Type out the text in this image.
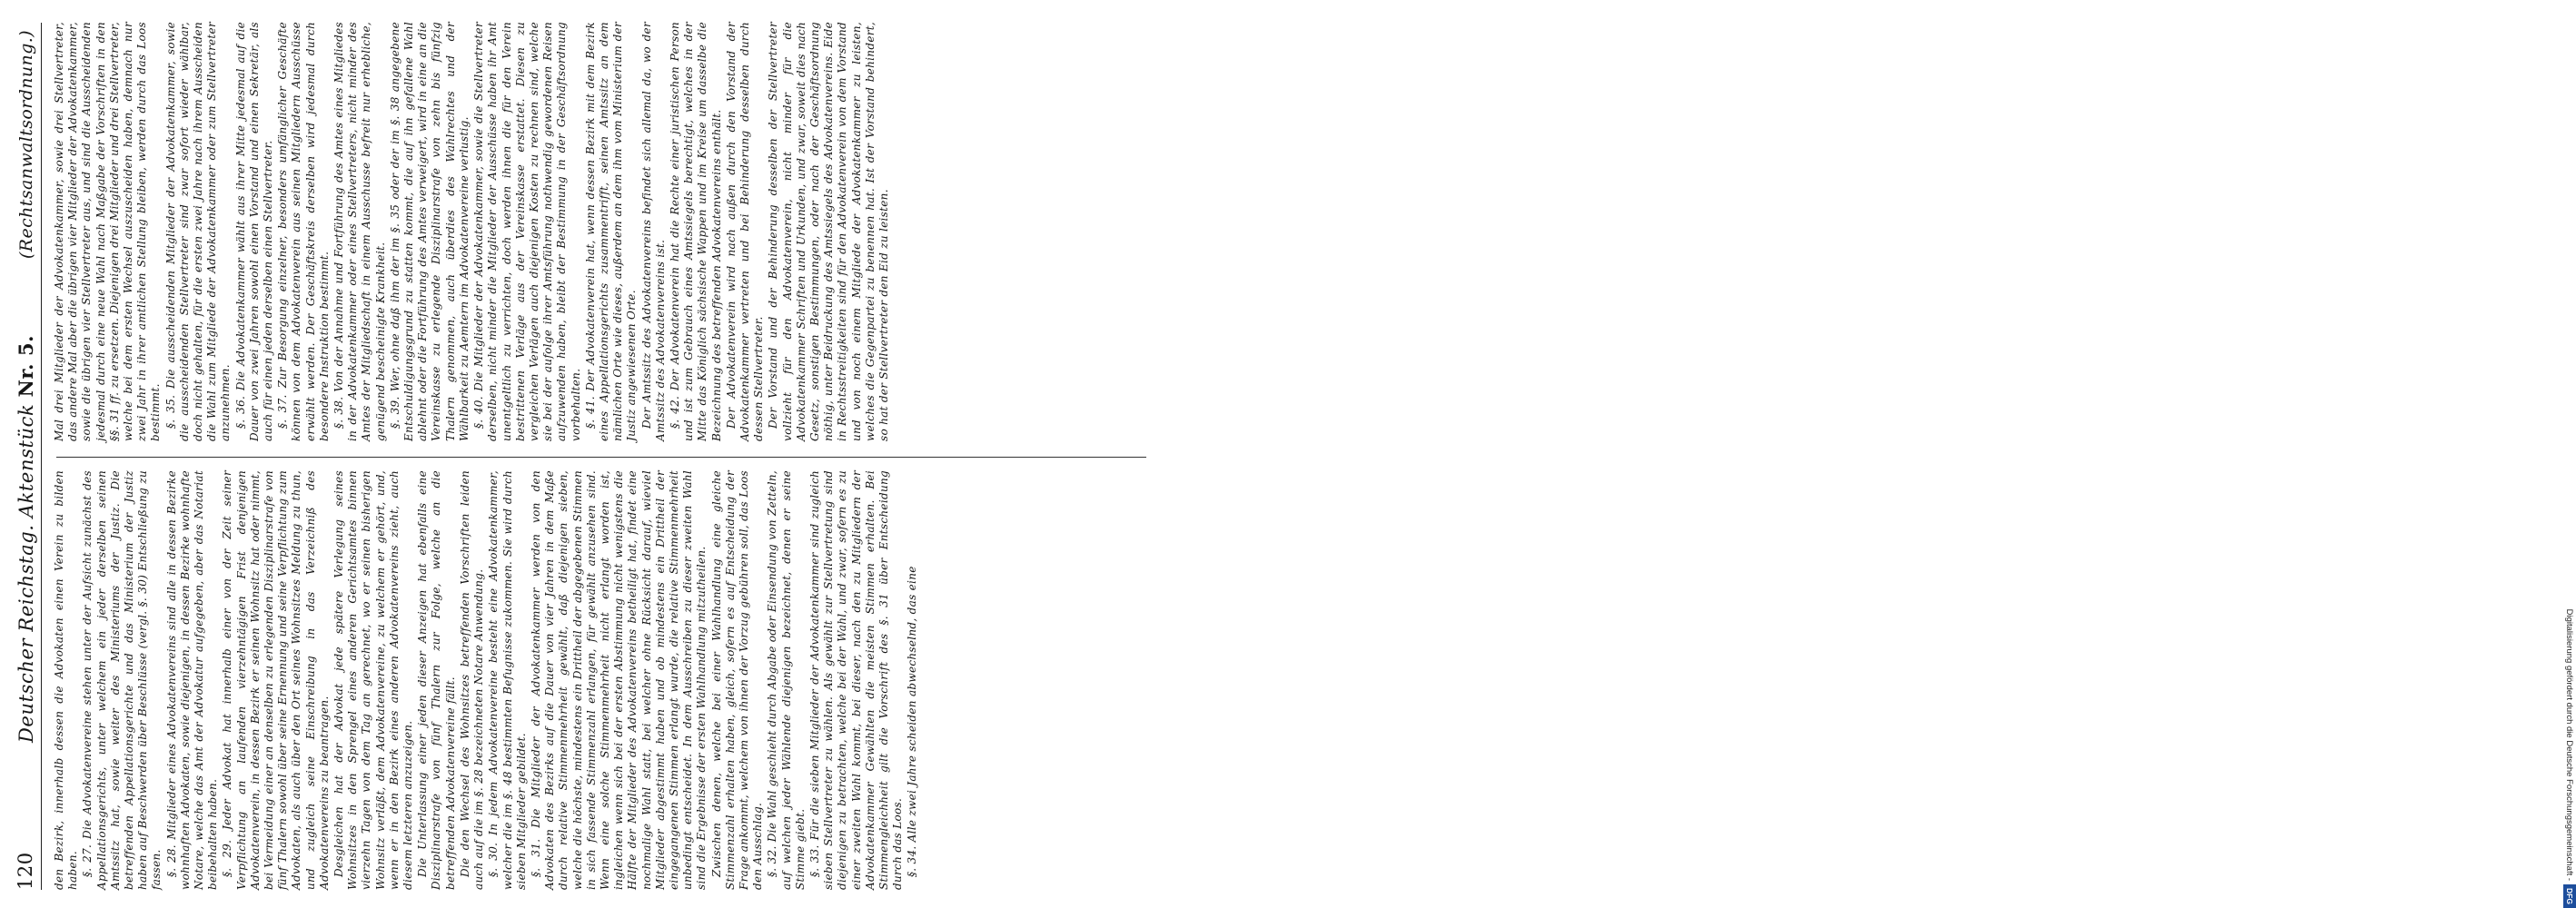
120
Deutscher Reichstag. Aktenstück Nr. 5.
(Rechtsanwaltsordnung.)

den Bezirk, innerhalb dessen die Advokaten einen Verein zu bilden haben. §. 27. Die Advokatenvereine stehen unter der Aufsicht zunächst des Appellationsgerichts, unter welchem ein jeder derselben seinen Amtssitz hat, sowie weiter des Ministeriums der Justiz. Die betreffenden Appellationsgerichte und das Ministerium der Justiz haben auf Beschwerden über Beschlüsse (vergl. §. 30) Entschließung zu fassen. §. 28. Mitglieder eines Advokatenvereins sind alle in dessen Bezirke wohnhaften Advokaten, sowie diejenigen, in dessen Bezirke wohnhafte Notare, welche das Amt der Advokatur aufgegeben, aber das Notariat beibehalten haben. §. 29. Jeder Advokat hat innerhalb einer von der Zeit seiner Verpflichtung an laufenden vierzehntägigen Frist denjenigen Advokatenverein, in dessen Bezirk er seinen Wohnsitz hat oder nimmt, bei Vermeidung einer an denselben zu erlegenden Disziplinarstrafe von fünf Thalern sowohl über seine Ernennung und seine Verpflichtung zum Advokaten, als auch über den Ort seines Wohnsitzes Meldung zu thun, und zugleich seine Einschreibung in das Verzeichniß des Advokatenvereins zu beantragen. Desgleichen hat der Advokat jede spätere Verlegung seines Wohnsitzes in den Sprengel eines anderen Gerichtsamtes binnen vierzehn Tagen von dem Tag an gerechnet, wo er seinen bisherigen Wohnsitz verläßt, dem Advokatenvereine, zu welchem er gehört, und, wenn er in den Bezirk eines anderen Advokatenvereins zieht, auch diesem letzteren anzuzeigen. Die Unterlassung einer jeden dieser Anzeigen hat ebenfalls eine Disziplinarstrafe von fünf Thalern zur Folge, welche an die betreffenden Advokatenvereine fällt. Die den Wechsel des Wohnsitzes betreffenden Vorschriften leiden auch auf die im §. 28 bezeichneten Notare Anwendung. §. 30. In jedem Advokatenvereine besteht eine Advokatenkammer, welcher die im §. 48 bestimmten Befugnisse zukommen. Sie wird durch sieben Mitglieder gebildet. §. 31. Die Mitglieder der Advokatenkammer werden von den Advokaten des Bezirks auf die Dauer von vier Jahren in dem Maße durch relative Stimmenmehrheit gewählt, daß diejenigen sieben, welche die höchste, mindestens ein Drittheil der abgegebenen Stimmen in sich fassende Stimmenzahl erlangen, für gewählt anzusehen sind. Wenn eine solche Stimmenmehrheit nicht erlangt worden ist, ingleichen wenn sich bei der ersten Abstimmung nicht wenigstens die Hälfte der Mitglieder des Advokatenvereins betheiligt hat, findet eine nochmalige Wahl statt, bei welcher ohne Rücksicht darauf, wieviel Mitglieder abgestimmt haben und ob mindestens ein Drittheil der eingegangenen Stimmen erlangt wurde, die relative Stimmenmehrheit unbedingt entscheidet. In dem Ausschreiben zu dieser zweiten Wahl sind die Ergebnisse der ersten Wahlhandlung mitzutheilen. Zwischen denen, welche bei einer Wahlhandlung eine gleiche Stimmenzahl erhalten haben, gleich, sofern es auf Entscheidung der Frage ankommt, welchem von ihnen der Vorzug gebühren soll, das Loos den Ausschlag. §. 32. Die Wahl geschieht durch Abgabe oder Einsendung von Zetteln, auf welchen jeder Wählende diejenigen bezeichnet, denen er seine Stimme giebt. §. 33. Für die sieben Mitglieder der Advokatenkammer sind zugleich sieben Stellvertreter zu wählen. Als gewählt zur Stellvertretung sind diejenigen zu betrachten, welche bei der Wahl, und zwar, sofern es zu einer zweiten Wahl kommt, bei dieser, nach den zu Mitgliedern der Advokatenkammer Gewählten die meisten Stimmen erhalten. Bei Stimmengleichheit gilt die Vorschrift des §. 31 über Entscheidung durch das Loos. §. 34. Alle zwei Jahre scheiden abwechselnd, das eine

Mal drei Mitglieder der Advokatenkammer, sowie drei Stellvertreter, das andere Mal aber die übrigen vier Mitglieder der Advokatenkammer, sowie die übrigen vier Stellvertreter aus, und sind die Ausscheidenden jedesmal durch eine neue Wahl nach Maßgabe der Vorschriften in den §§. 31 ff. zu ersetzen. Diejenigen drei Mitglieder und drei Stellvertreter, welche bei dem ersten Wechsel auszuscheiden haben, demnach nur zwei Jahr in ihrer amtlichen Stellung bleiben, werden durch das Loos bestimmt. §. 35. Die ausscheidenden Mitglieder der Advokatenkammer, sowie die ausscheidenden Stellvertreter sind zwar sofort wieder wählbar, doch nicht gehalten, für die ersten zwei Jahre nach ihrem Ausscheiden die Wahl zum Mitgliede der Advokatenkammer oder zum Stellvertreter anzunehmen. §. 36. Die Advokatenkammer wählt aus ihrer Mitte jedesmal auf die Dauer von zwei Jahren sowohl einen Vorstand und einen Sekretär, als auch für einen jeden derselben einen Stellvertreter. §. 37. Zur Besorgung einzelner, besonders umfänglicher Geschäfte können von dem Advokatenverein aus seinen Mitgliedern Ausschüsse erwählt werden. Der Geschäftskreis derselben wird jedesmal durch besondere Instruktion bestimmt. §. 38. Von der Annahme und Fortführung des Amtes eines Mitgliedes in der Advokatenkammer oder eines Stellvertreters, nicht minder des Amtes der Mitgliedschaft in einem Ausschusse befreit nur erhebliche, genügend bescheinigte Krankheit. §. 39. Wer, ohne daß ihm der im §. 35 oder der im §. 38 angegebene Entschuldigungsgrund zu statten kommt, die auf ihn gefallene Wahl ablehnt oder die Fortführung des Amtes verweigert, wird in eine an die Vereinskasse zu erlegende Disziplinarstrafe von zehn bis fünfzig Thalern genommen, auch überdies des Wahlrechtes und der Wählbarkeit zu Aemtern im Advokatenvereine verlustig. §. 40. Die Mitglieder der Advokatenkammer, sowie die Stellvertreter derselben, nicht minder die Mitglieder der Ausschüsse haben ihr Amt unentgeltlich zu verrichten, doch werden ihnen die für den Verein bestrittenen Verläge aus der Vereinskasse erstattet. Diesen zu vergleichen Verlägen auch diejenigen Kosten zu rechnen sind, welche sie bei der aufolge ihrer Amtsführung nothwendig gewordenen Reisen aufzuwenden haben, bleibt der Bestimmung in der Geschäftsordnung vorbehalten. §. 41. Der Advokatenverein hat, wenn dessen Bezirk mit dem Bezirk eines Appellationsgerichts zusammentrifft, seinen Amtssitz an dem nämlichen Orte wie dieses, außerdem an dem ihm vom Ministerium der Justiz angewiesenen Orte. Der Amtssitz des Advokatenvereins befindet sich allemal da, wo der Amtssitz des Advokatenvereins ist. §. 42. Der Advokatenverein hat die Rechte einer juristischen Person und ist zum Gebrauch eines Amtssiegels berechtigt, welches in der Mitte das Königlich sächsische Wappen und im Kreise um dasselbe die Bezeichnung des betreffenden Advokatenvereins enthält. Der Advokatenverein wird nach außen durch den Vorstand der Advokatenkammer vertreten und bei Behinderung desselben durch dessen Stellvertreter. Der Vorstand und der Behinderung desselben der Stellvertreter vollzieht für den Advokatenverein, nicht minder für die Advokatenkammer Schriften und Urkunden, und zwar, soweit dies nach Gesetz, sonstigen Bestimmungen, oder nach der Geschäftsordnung nöthig, unter Beidruckung des Amtssiegels des Advokatenvereins. Eide in Rechtsstreitigkeiten sind für den Advokatenverein von dem Vorstand und von noch einem Mitgliede der Advokatenkammer zu leisten, welches die Gegenpartei zu benennen hat. Ist der Vorstand behindert, so hat der Stellvertreter den Eid zu leisten.

Digitalisierung gefördert durch die Deutsche Forschungsgemeinschaft -DFG
